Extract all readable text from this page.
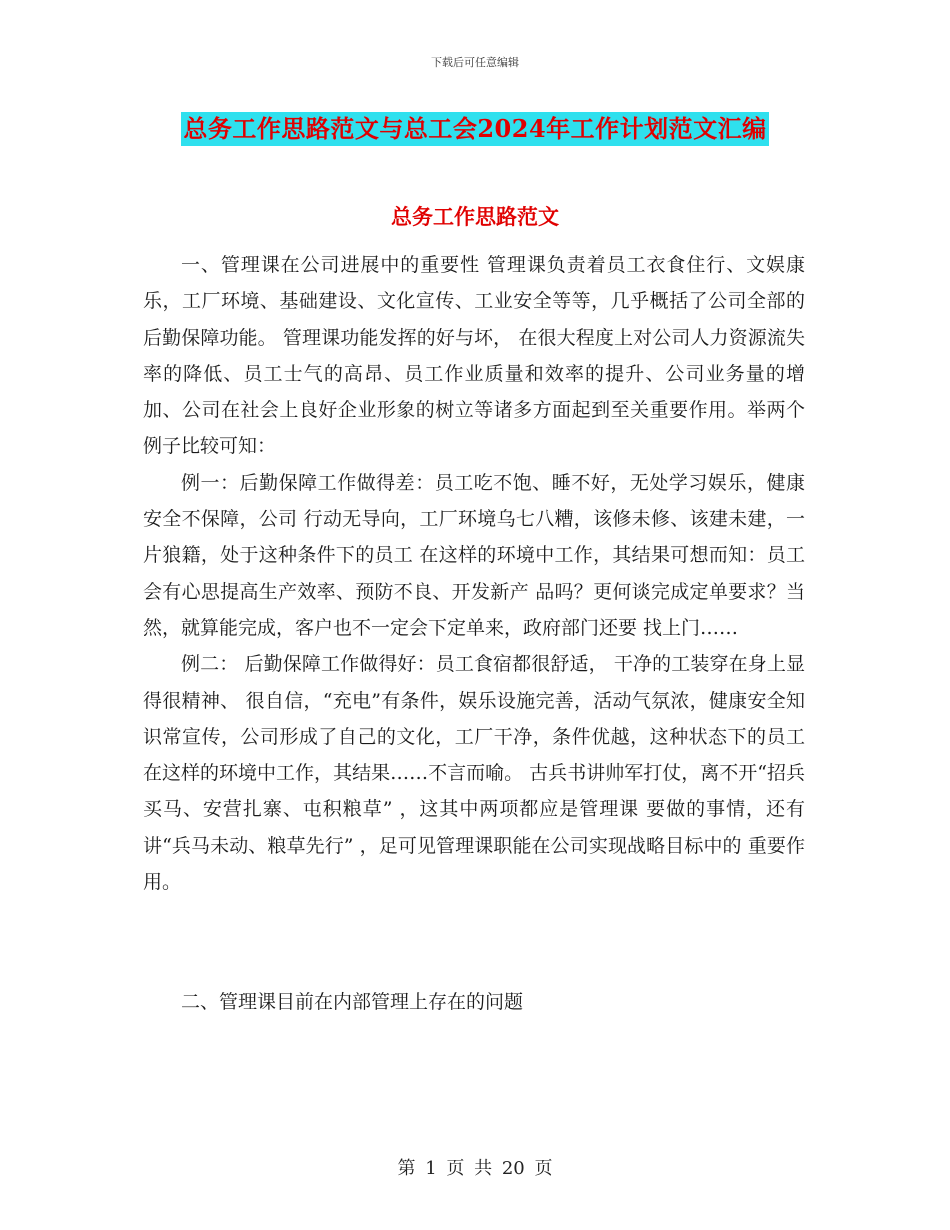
下载后可任意编辑
总务工作思路范文与总工会2024年工作计划范文汇编
总务工作思路范文

一、管理课在公司进展中的重要性 管理课负责着员工衣食住行、文娱康乐，工厂环境、基础建设、文化宣传、工业安全等等，几乎概括了公司全部的后勤保障功能。 管理课功能发挥的好与坏， 在很大程度上对公司人力资源流失率的降低、员工士气的高昂、员工作业质量和效率的提升、公司业务量的增加、公司在社会上良好企业形象的树立等诸多方面起到至关重要作用。举两个例子比较可知：

例一：后勤保障工作做得差：员工吃不饱、睡不好，无处学习娱乐，健康安全不保障，公司 行动无导向，工厂环境乌七八糟，该修未修、该建未建，一片狼籍，处于这种条件下的员工 在这样的环境中工作，其结果可想而知：员工会有心思提高生产效率、预防不良、开发新产 品吗？更何谈完成定单要求？当然，就算能完成，客户也不一定会下定单来，政府部门还要 找上门……

例二： 后勤保障工作做得好：员工食宿都很舒适， 干净的工装穿在身上显得很精神、 很自信，“充电”有条件，娱乐设施完善，活动气氛浓，健康安全知识常宣传，公司形成了自己的文化，工厂干净，条件优越，这种状态下的员工在这样的环境中工作，其结果……不言而喻。 古兵书讲帅军打仗，离不开“招兵买马、安营扎寨、屯积粮草” ，这其中两项都应是管理课 要做的事情，还有讲“兵马未动、粮草先行” ，足可见管理课职能在公司实现战略目标中的 重要作用。

二、管理课目前在内部管理上存在的问题
第 1 页 共 20 页
